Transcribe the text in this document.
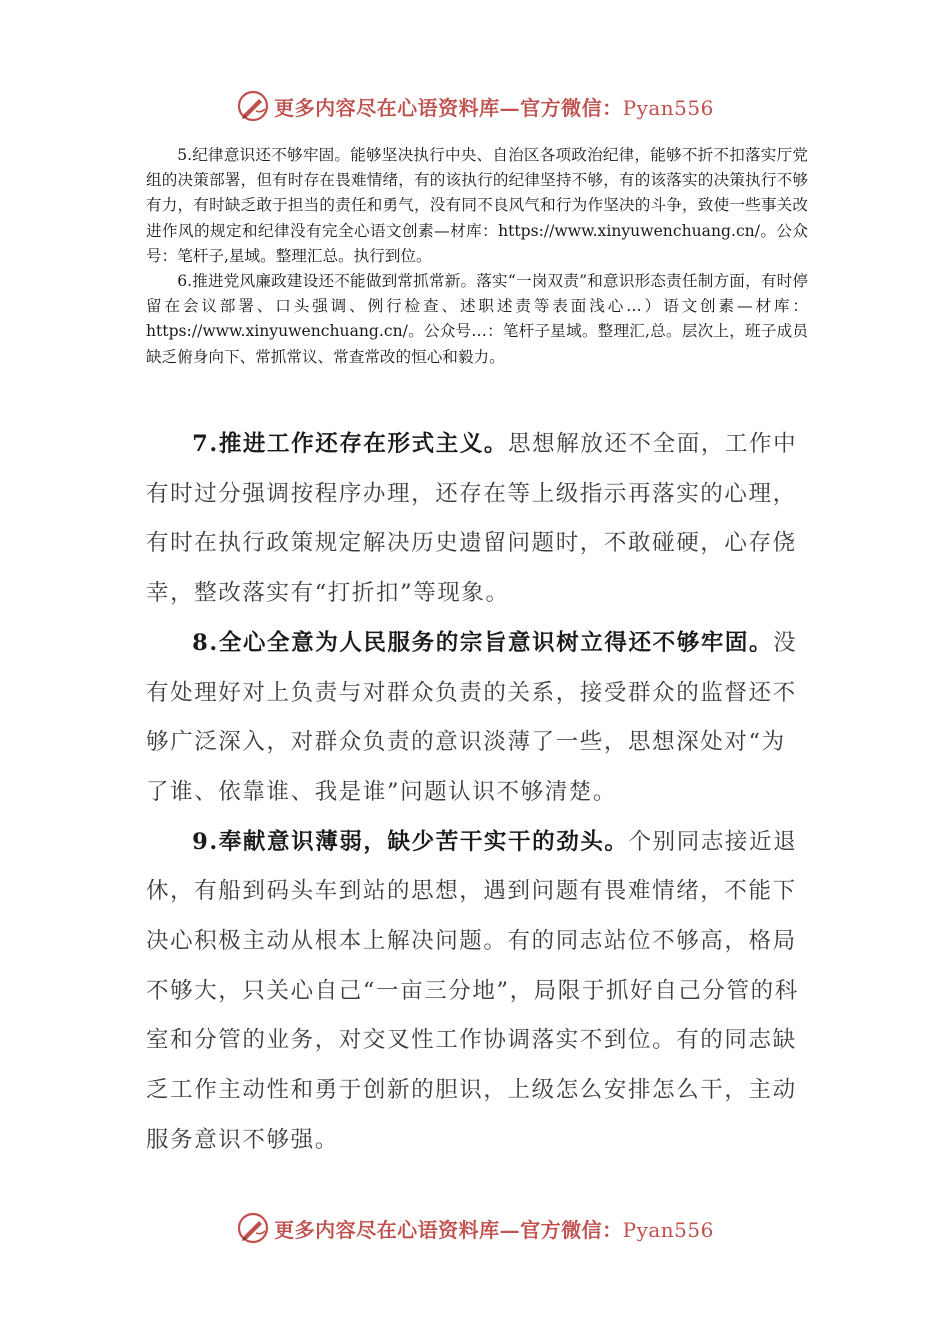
更多内容尽在心语资料库—官方微信：Pyan556

5.纪律意识还不够牢固。能够坚决执行中央、自治区各项政治纪律，能够不折不扣落实厅党组的决策部署，但有时存在畏难情绪，有的该执行的纪律坚持不够，有的该落实的决策执行不够有力，有时缺乏敢于担当的责任和勇气，没有同不良风气和行为作坚决的斗争，致使一些事关改进作风的规定和纪律没有完全心语文创素—材库：https://www.xinyuwenchuang.cn/。公众号：笔杆子,星域。整理汇总。执行到位。

6.推进党风廉政建设还不能做到常抓常新。落实“一岗双责”和意识形态责任制方面，有时停留在会议部署、口头强调、例行检查、述职述责等表面浅心…）语文创素—材库：https://www.xinyuwenchuang.cn/。公众号…：笔杆子星域。整理汇,总。层次上，班子成员缺乏俯身向下、常抓常议、常查常改的恒心和毅力。

7.推进工作还存在形式主义。思想解放还不全面，工作中有时过分强调按程序办理，还存在等上级指示再落实的心理，有时在执行政策规定解决历史遗留问题时，不敢碰硬，心存侥幸，整改落实有“打折扣”等现象。

8.全心全意为人民服务的宗旨意识树立得还不够牢固。没有处理好对上负责与对群众负责的关系，接受群众的监督还不够广泛深入，对群众负责的意识淡薄了一些，思想深处对“为了谁、依靠谁、我是谁”问题认识不够清楚。

9.奉献意识薄弱，缺少苦干实干的劲头。个别同志接近退休，有船到码头车到站的思想，遇到问题有畏难情绪，不能下决心积极主动从根本上解决问题。有的同志站位不够高，格局不够大，只关心自己“一亩三分地”，局限于抓好自己分管的科室和分管的业务，对交叉性工作协调落实不到位。有的同志缺乏工作主动性和勇于创新的胆识，上级怎么安排怎么干，主动服务意识不够强。

更多内容尽在心语资料库—官方微信：Pyan556
